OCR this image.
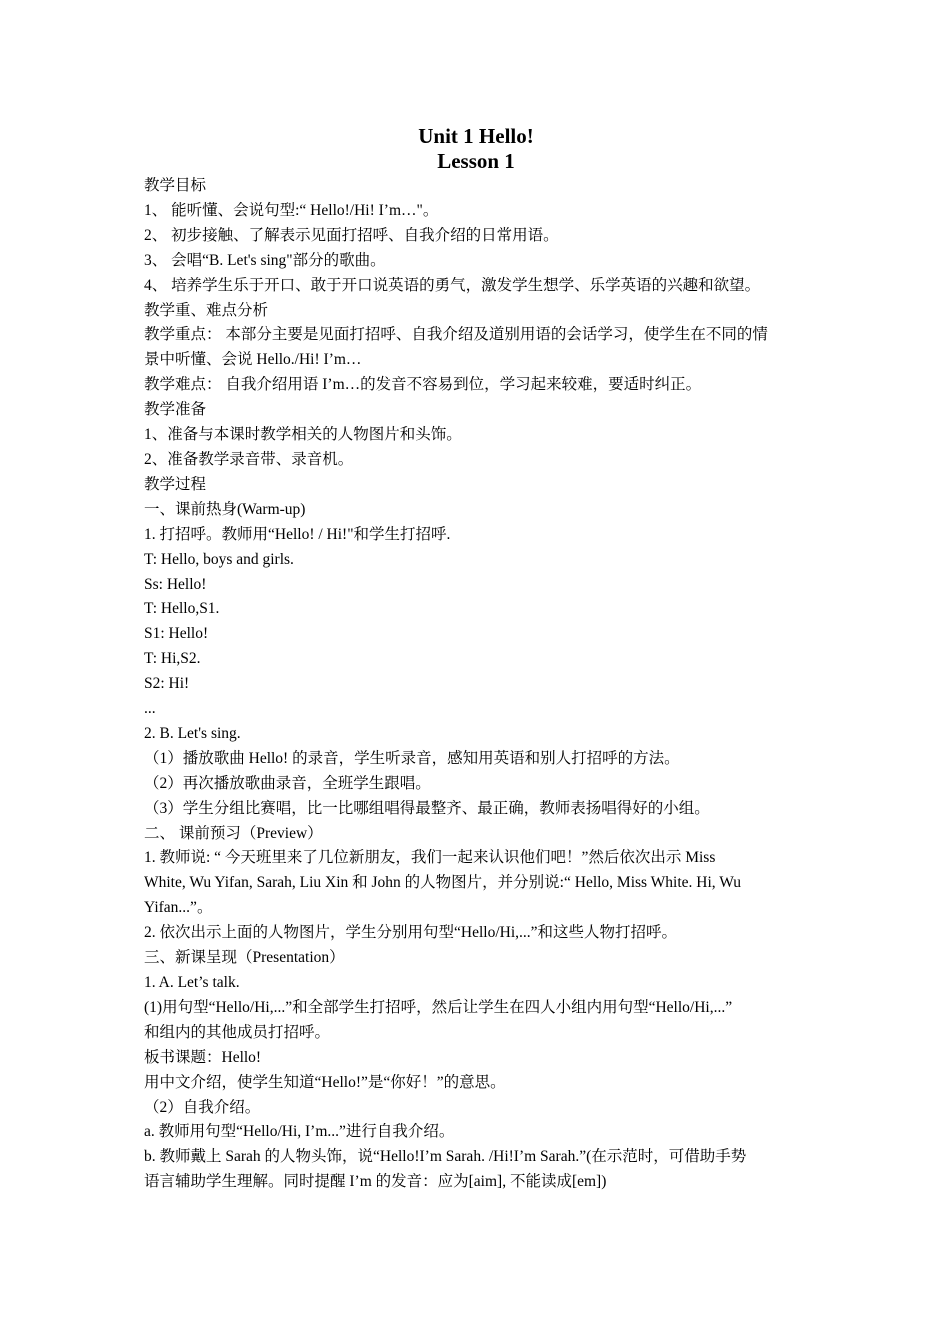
Unit 1 Hello!
Lesson 1
教学目标
1、 能听懂、会说句型:“ Hello!/Hi! I’m…"。
2、 初步接触、了解表示见面打招呼、自我介绍的日常用语。
3、 会唱“B. Let's sing"部分的歌曲。
4、 培养学生乐于开口、敢于开口说英语的勇气，激发学生想学、乐学英语的兴趣和欲望。
教学重、难点分析
教学重点： 本部分主要是见面打招呼、自我介绍及道别用语的会话学习，使学生在不同的情
景中听懂、会说 Hello./Hi! I’m…
教学难点： 自我介绍用语 I’m…的发音不容易到位，学习起来较难，要适时纠正。
教学准备
1、准备与本课时教学相关的人物图片和头饰。
2、准备教学录音带、录音机。
教学过程
一、课前热身(Warm-up)
1. 打招呼。教师用“Hello! / Hi!"和学生打招呼.
T: Hello, boys and girls.
Ss: Hello!
T: Hello,S1.
S1: Hello!
T: Hi,S2.
S2: Hi!
...
2. B. Let's sing.
（1）播放歌曲 Hello! 的录音，学生听录音，感知用英语和别人打招呼的方法。
（2）再次播放歌曲录音，全班学生跟唱。
（3）学生分组比赛唱，比一比哪组唱得最整齐、最正确，教师表扬唱得好的小组。
二、 课前预习（Preview）
1. 教师说: “ 今天班里来了几位新朋友，我们一起来认识他们吧！”然后依次出示 Miss
White, Wu Yifan, Sarah, Liu Xin 和 John 的人物图片，并分别说:“ Hello, Miss White. Hi, Wu
Yifan...”。
2. 依次出示上面的人物图片，学生分别用句型“Hello/Hi,...”和这些人物打招呼。
三、新课呈现（Presentation）
1. A. Let’s talk.
(1)用句型“Hello/Hi,...”和全部学生打招呼，然后让学生在四人小组内用句型“Hello/Hi,...”
和组内的其他成员打招呼。
板书课题：Hello!
用中文介绍，使学生知道“Hello!”是“你好！”的意思。
（2）自我介绍。
a. 教师用句型“Hello/Hi, I’m...”进行自我介绍。
b. 教师戴上 Sarah 的人物头饰，说“Hello!I’m Sarah. /Hi!I’m Sarah.”(在示范时，可借助手势
语言辅助学生理解。同时提醒 I’m 的发音：应为[aim], 不能读成[em])
